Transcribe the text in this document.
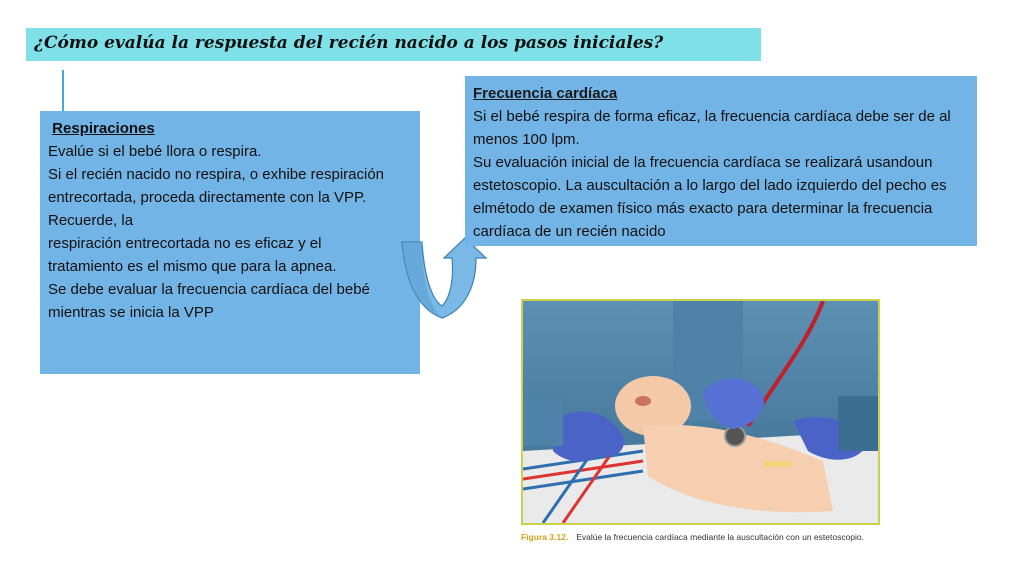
¿Cómo evalúa la respuesta del recién nacido a los pasos iniciales?

Respiraciones

Evalúe si el bebé llora o respira.

Si el recién nacido no respira, o exhibe respiración entrecortada, proceda directamente con la VPP.

Recuerde, la

respiración entrecortada no es eficaz y el tratamiento es el mismo que para la apnea.

Se debe evaluar la frecuencia cardíaca del bebé mientras se inicia la VPP

Frecuencia cardíaca

Si el bebé respira de forma eficaz, la frecuencia cardíaca debe ser de al menos 100 lpm.

Su evaluación inicial de la frecuencia cardíaca se realizará usandoun estetoscopio. La auscultación a lo largo del lado izquierdo del pecho es elmétodo de examen físico más exacto para determinar la frecuencia cardíaca de un recién nacido

Figura 3.12. Evalúe la frecuencia cardíaca mediante la auscultación con un estetoscopio.
